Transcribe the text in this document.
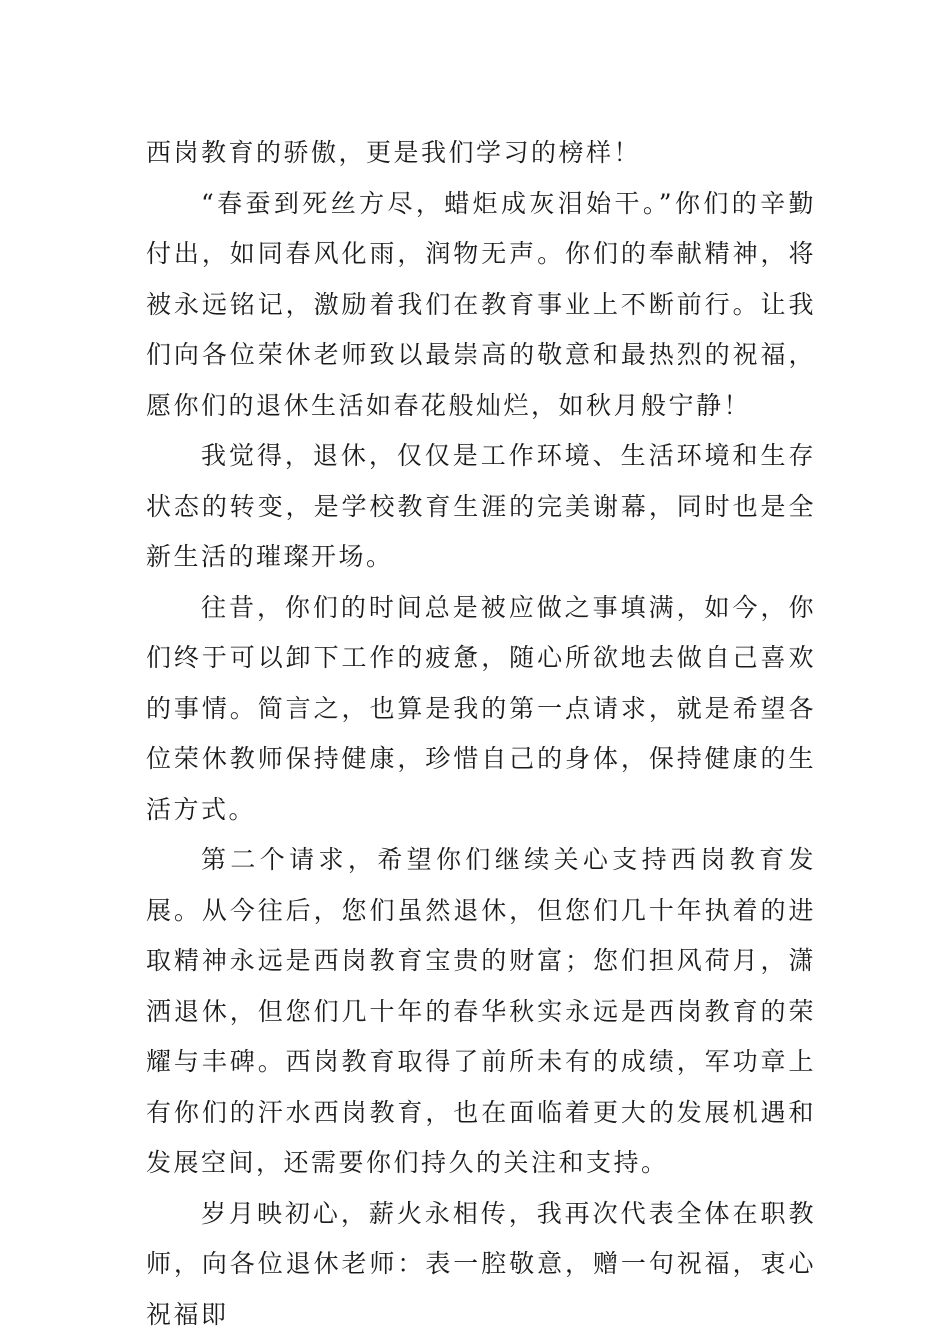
西岗教育的骄傲，更是我们学习的榜样！

“春蚕到死丝方尽，蜡炬成灰泪始干。”你们的辛勤付出，如同春风化雨，润物无声。你们的奉献精神，将被永远铭记，激励着我们在教育事业上不断前行。让我们向各位荣休老师致以最崇高的敬意和最热烈的祝福，愿你们的退休生活如春花般灿烂，如秋月般宁静！

我觉得，退休，仅仅是工作环境、生活环境和生存状态的转变，是学校教育生涯的完美谢幕，同时也是全新生活的璀璨开场。

往昔，你们的时间总是被应做之事填满，如今，你们终于可以卸下工作的疲惫，随心所欲地去做自己喜欢的事情。简言之，也算是我的第一点请求，就是希望各位荣休教师保持健康，珍惜自己的身体，保持健康的生活方式。

第二个请求，希望你们继续关心支持西岗教育发展。从今往后，您们虽然退休，但您们几十年执着的进取精神永远是西岗教育宝贵的财富；您们担风荷月，潇洒退休，但您们几十年的春华秋实永远是西岗教育的荣耀与丰碑。西岗教育取得了前所未有的成绩，军功章上有你们的汗水西岗教育，也在面临着更大的发展机遇和发展空间，还需要你们持久的关注和支持。

岁月映初心，薪火永相传，我再次代表全体在职教师，向各位退休老师：表一腔敬意，赠一句祝福，衷心祝福即
